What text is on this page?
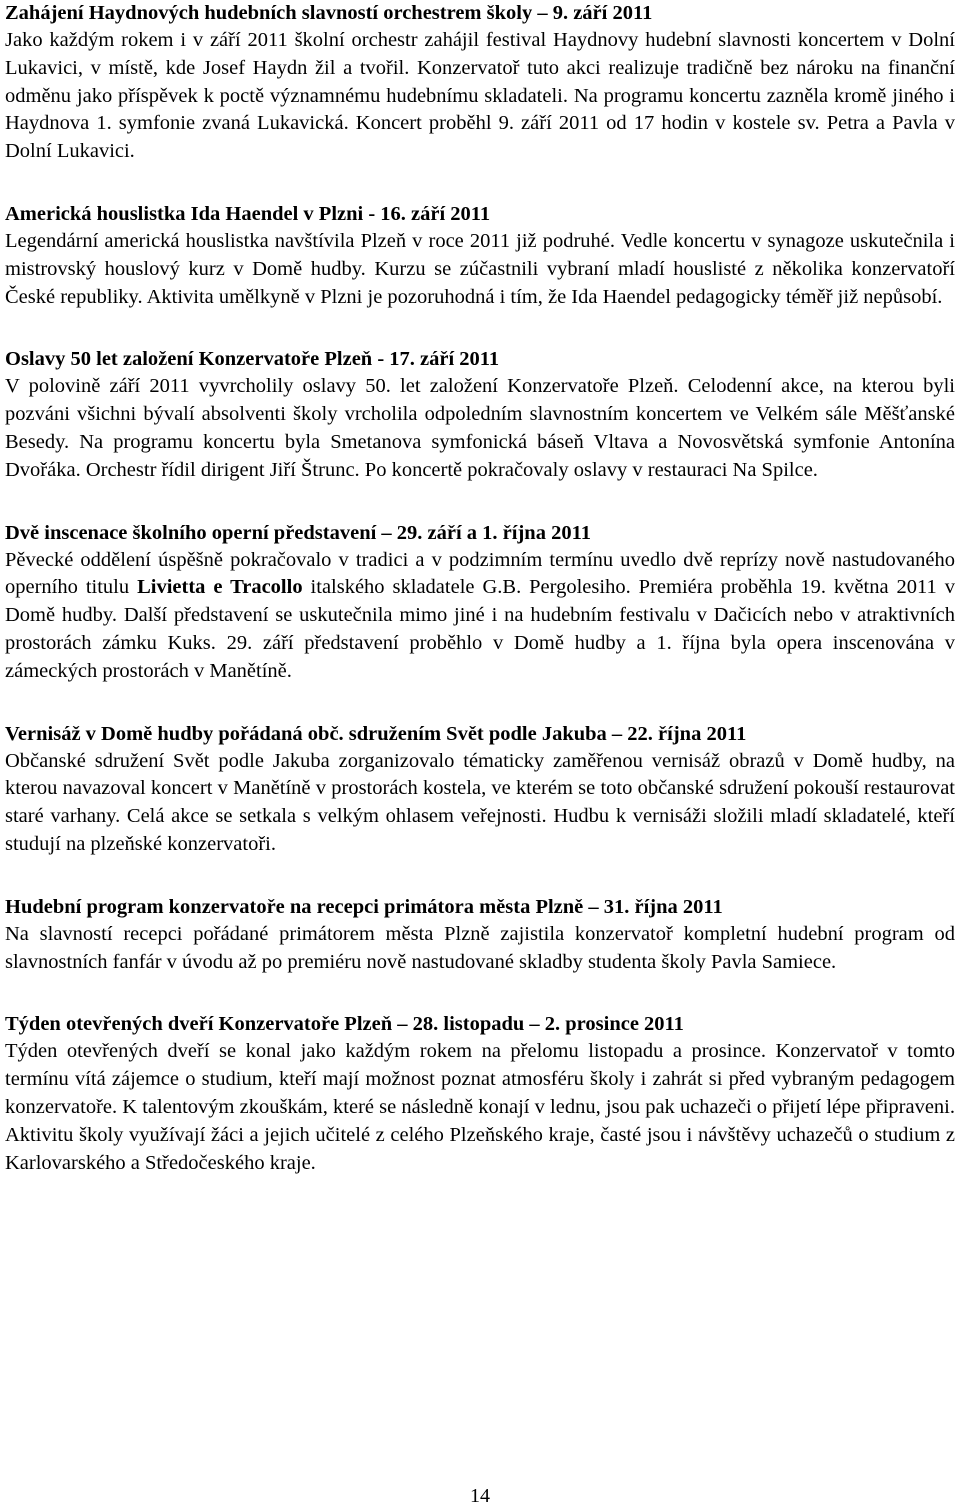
Zahájení Haydnových hudebních slavností orchestrem školy – 9. září 2011

Jako každým rokem i v září 2011 školní orchestr zahájil festival Haydnovy hudební slavnosti koncertem v Dolní Lukavici, v místě, kde Josef Haydn žil a tvořil. Konzervatoř tuto akci realizuje tradičně bez nároku na finanční odměnu jako příspěvek k poctě významnému hudebnímu skladateli. Na programu koncertu zazněla kromě jiného i Haydnova 1. symfonie zvaná Lukavická. Koncert proběhl 9. září 2011 od 17 hodin v kostele sv. Petra a Pavla v Dolní Lukavici.

Americká houslistka Ida Haendel v Plzni - 16. září 2011

Legendární americká houslistka navštívila Plzeň v roce 2011 již podruhé. Vedle koncertu v synagoze uskutečnila i mistrovský houslový kurz v Domě hudby. Kurzu se zúčastnili vybraní mladí houslisté z několika konzervatoří České republiky. Aktivita umělkyně v Plzni je pozoruhodná i tím, že Ida Haendel pedagogicky téměř již nepůsobí.

Oslavy 50 let založení Konzervatoře Plzeň - 17. září 2011

V polovině září 2011 vyvrcholily oslavy 50. let založení Konzervatoře Plzeň. Celodenní akce, na kterou byli pozváni všichni bývalí absolventi školy vrcholila odpoledním slavnostním koncertem ve Velkém sále Měšťanské Besedy. Na programu koncertu byla Smetanova symfonická báseň Vltava a Novosvětská symfonie Antonína Dvořáka. Orchestr řídil dirigent Jiří Štrunc. Po koncertě pokračovaly oslavy v restauraci Na Spilce.

Dvě inscenace školního operní představení – 29. září a 1. října 2011

Pěvecké oddělení úspěšně pokračovalo v tradici a v podzimním termínu uvedlo dvě reprízy nově nastudovaného operního titulu Livietta e Tracollo italského skladatele G.B. Pergolesiho. Premiéra proběhla 19. května 2011 v Domě hudby. Další představení se uskutečnila mimo jiné i na hudebním festivalu v Dačicích nebo v atraktivních prostorách zámku Kuks. 29. září představení proběhlo v Domě hudby a 1. října byla opera inscenována v zámeckých prostorách v Manětíně.

Vernisáž v Domě hudby pořádaná obč. sdružením Svět podle Jakuba – 22. října 2011

Občanské sdružení Svět podle Jakuba zorganizovalo tématicky zaměřenou vernisáž obrazů v Domě hudby, na kterou navazoval koncert v Manětíně v prostorách kostela, ve kterém se toto občanské sdružení pokouší restaurovat staré varhany. Celá akce se setkala s velkým ohlasem veřejnosti. Hudbu k vernisáži složili mladí skladatelé, kteří studují na plzeňské konzervatoři.

Hudební program konzervatoře na recepci primátora města Plzně – 31. října 2011

Na slavností recepci pořádané primátorem města Plzně zajistila konzervatoř kompletní hudební program od slavnostních fanfár v úvodu až po premiéru nově nastudované skladby studenta školy Pavla Samiece.

Týden otevřených dveří Konzervatoře Plzeň – 28. listopadu – 2. prosince 2011

Týden otevřených dveří se konal jako každým rokem na přelomu listopadu a prosince. Konzervatoř v tomto termínu vítá zájemce o studium, kteří mají možnost poznat atmosféru školy i zahrát si před vybraným pedagogem konzervatoře. K talentovým zkouškám, které se následně konají v lednu, jsou pak uchazeči o přijetí lépe připraveni. Aktivitu školy využívají žáci a jejich učitelé z celého Plzeňského kraje, časté jsou i návštěvy uchazečů o studium z Karlovarského a Středočeského kraje.

14
